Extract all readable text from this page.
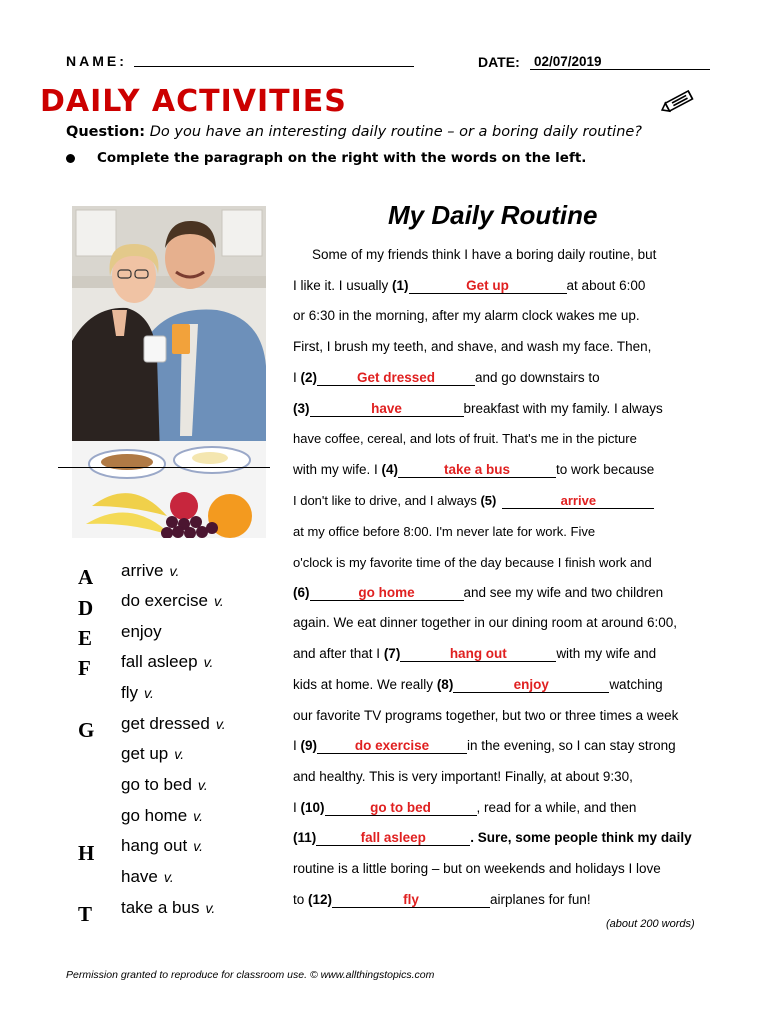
NAME:	DATE: 02/07/2019
DAILY ACTIVITIES
Question: Do you have an interesting daily routine – or a boring daily routine?
Complete the paragraph on the right with the words on the left.
A arrive v.
D do exercise v.
E enjoy
F fall asleep v.
fly v.
G get dressed v.
get up v.
go to bed v.
go home v.
H hang out v.
have v.
T take a bus v.
My Daily Routine
Some of my friends think I have a boring daily routine, but
I like it. I usually (1)	Get up	at about 6:00
or 6:30 in the morning, after my alarm clock wakes me up.
First, I brush my teeth, and shave, and wash my face. Then,
I (2)	Get dressed	and go downstairs to
(3)	have	breakfast with my family. I always
have coffee, cereal, and lots of fruit. That's me in the picture
with my wife. I (4)	take a bus	to work because
I don't like to drive, and I always (5)	arrive
at my office before 8:00. I'm never late for work. Five
o'clock is my favorite time of the day because I finish work and
(6)	go home	and see my wife and two children
again. We eat dinner together in our dining room at around 6:00,
and after that I (7)	hang out	with my wife and
kids at home. We really (8)	enjoy	watching
our favorite TV programs together, but two or three times a week
I (9)	do exercise	in the evening, so I can stay strong
and healthy. This is very important! Finally, at about 9:30,
I (10)	go to bed	, read for a while, and then
(11)	fall asleep	. Sure, some people think my daily
routine is a little boring – but on weekends and holidays I love
to (12)	fly	airplanes for fun!
(about 200 words)
Permission granted to reproduce for classroom use. © www.allthingstopics.com
